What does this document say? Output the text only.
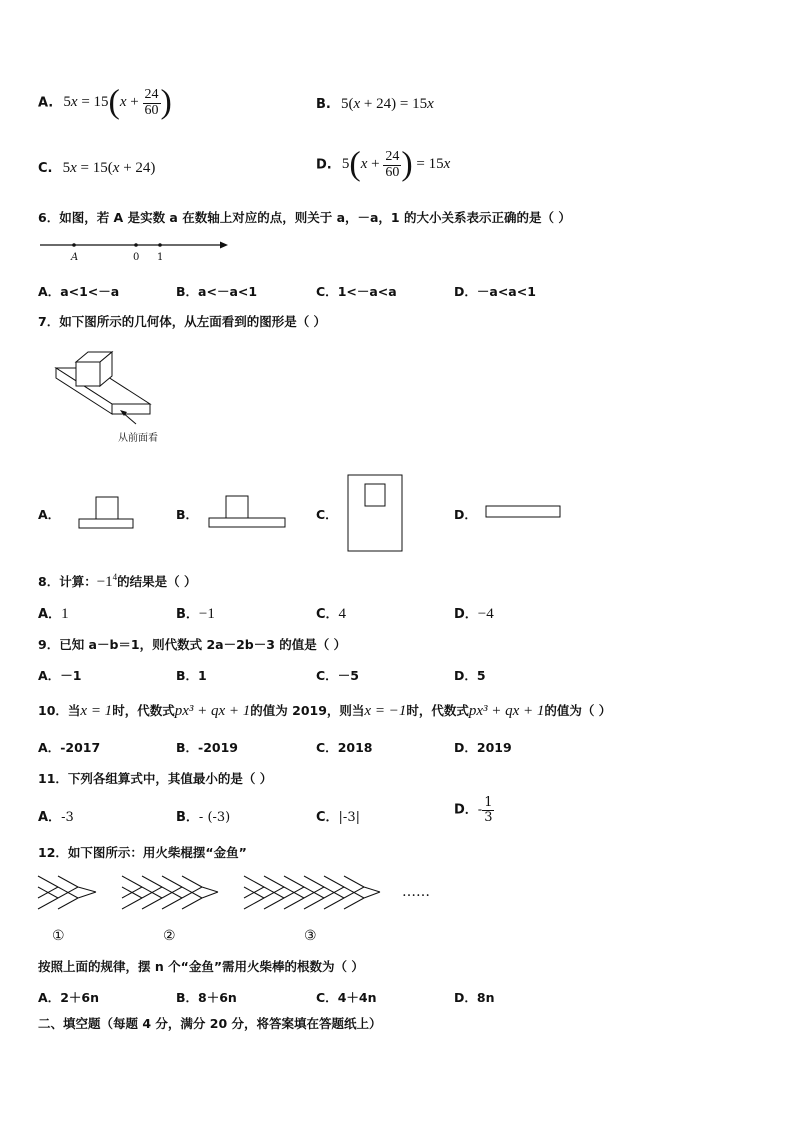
A. $5x = 15(x + \frac{24}{60}$ )	B. 5(x + 24) = 15x
C. 5x = 15(x + 24)	D. $5(x + \frac{24}{60}$ ) = 15x
6．如图，若 A 是实数 a 在数轴上对应的点，则关于 a，－a，1 的大小关系表示正确的是（ ）
A	0 1
A．a<1<－a	B．a<－a<1	C．1<－a<a	D．－a<a<1
7．如下图所示的几何体，从左面看到的图形是（ ）
从前面看
A．	B．	C．	D．
8．计算：$-1^4$的结果是（ ）
A．1	B．−1	C．4	D．−4
9．已知 a－b＝1，则代数式 2a－2b－3 的值是（ ）
A．－1	B．1	C．－5	D．5
10．当x = 1时，代数式px³ + qx + 1的值为 2019，则当x = −1时，代数式px³ + qx + 1的值为（ ）
A．-2017	B．-2019	C．2018	D．2019
11．下列各组算式中，其值最小的是（ ）
A．-3	B．- (-3)	C．|-3|	D．- $\frac{1}{3}$
12．如下图所示：用火柴棍摆“金鱼”
……
①	②	③
按照上面的规律，摆 n 个“金鱼”需用火柴棒的根数为（ ）
A．2＋6n	B．8＋6n	C．4＋4n	D．8n
二、填空题（每题 4 分，满分 20 分，将答案填在答题纸上）
